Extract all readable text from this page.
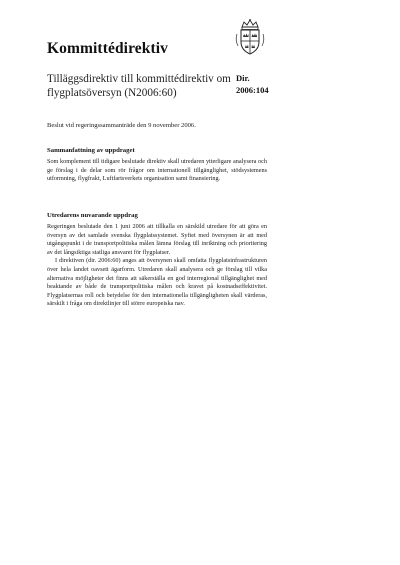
Kommittédirektiv
Tilläggsdirektiv till kommittédirektiv om
flygplatsöversyn (N2006:60)
Dir.
2006:104
Beslut vid regeringssammanträde den 9 november 2006.

Sammanfattning av uppdraget

Som komplement till tidigare beslutade direktiv skall utredaren ytterligare analysera och ge förslag i de delar som rör frågor om internationell tillgänglighet, stödsystemens utformning, flygfrakt, Luftfartsverkets organisation samt finansiering.

Utredarens nuvarande uppdrag

Regeringen beslutade den 1 juni 2006 att tillkalla en särskild utredare för att göra en översyn av det samlade svenska flygplatssystemet. Syftet med översynen är att med utgångspunkt i de transportpolitiska målen lämna förslag till inriktning och prioritering av det långsiktiga statliga ansvaret för flygplatser.

I direktiven (dir. 2006:60) anges att översynen skall omfatta flygplatsinfrastrukturen över hela landet oavsett ägarform. Utredaren skall analysera och ge förslag till vilka alternativa möjligheter det finns att säkerställa en god interregional tillgänglighet med beaktande av både de transportpolitiska målen och kravet på kostnadseffektivitet. Flygplatsernas roll och betydelse för den internationella tillgängligheten skall värderas, särskilt i fråga om direktlinjer till större europeiska nav.
